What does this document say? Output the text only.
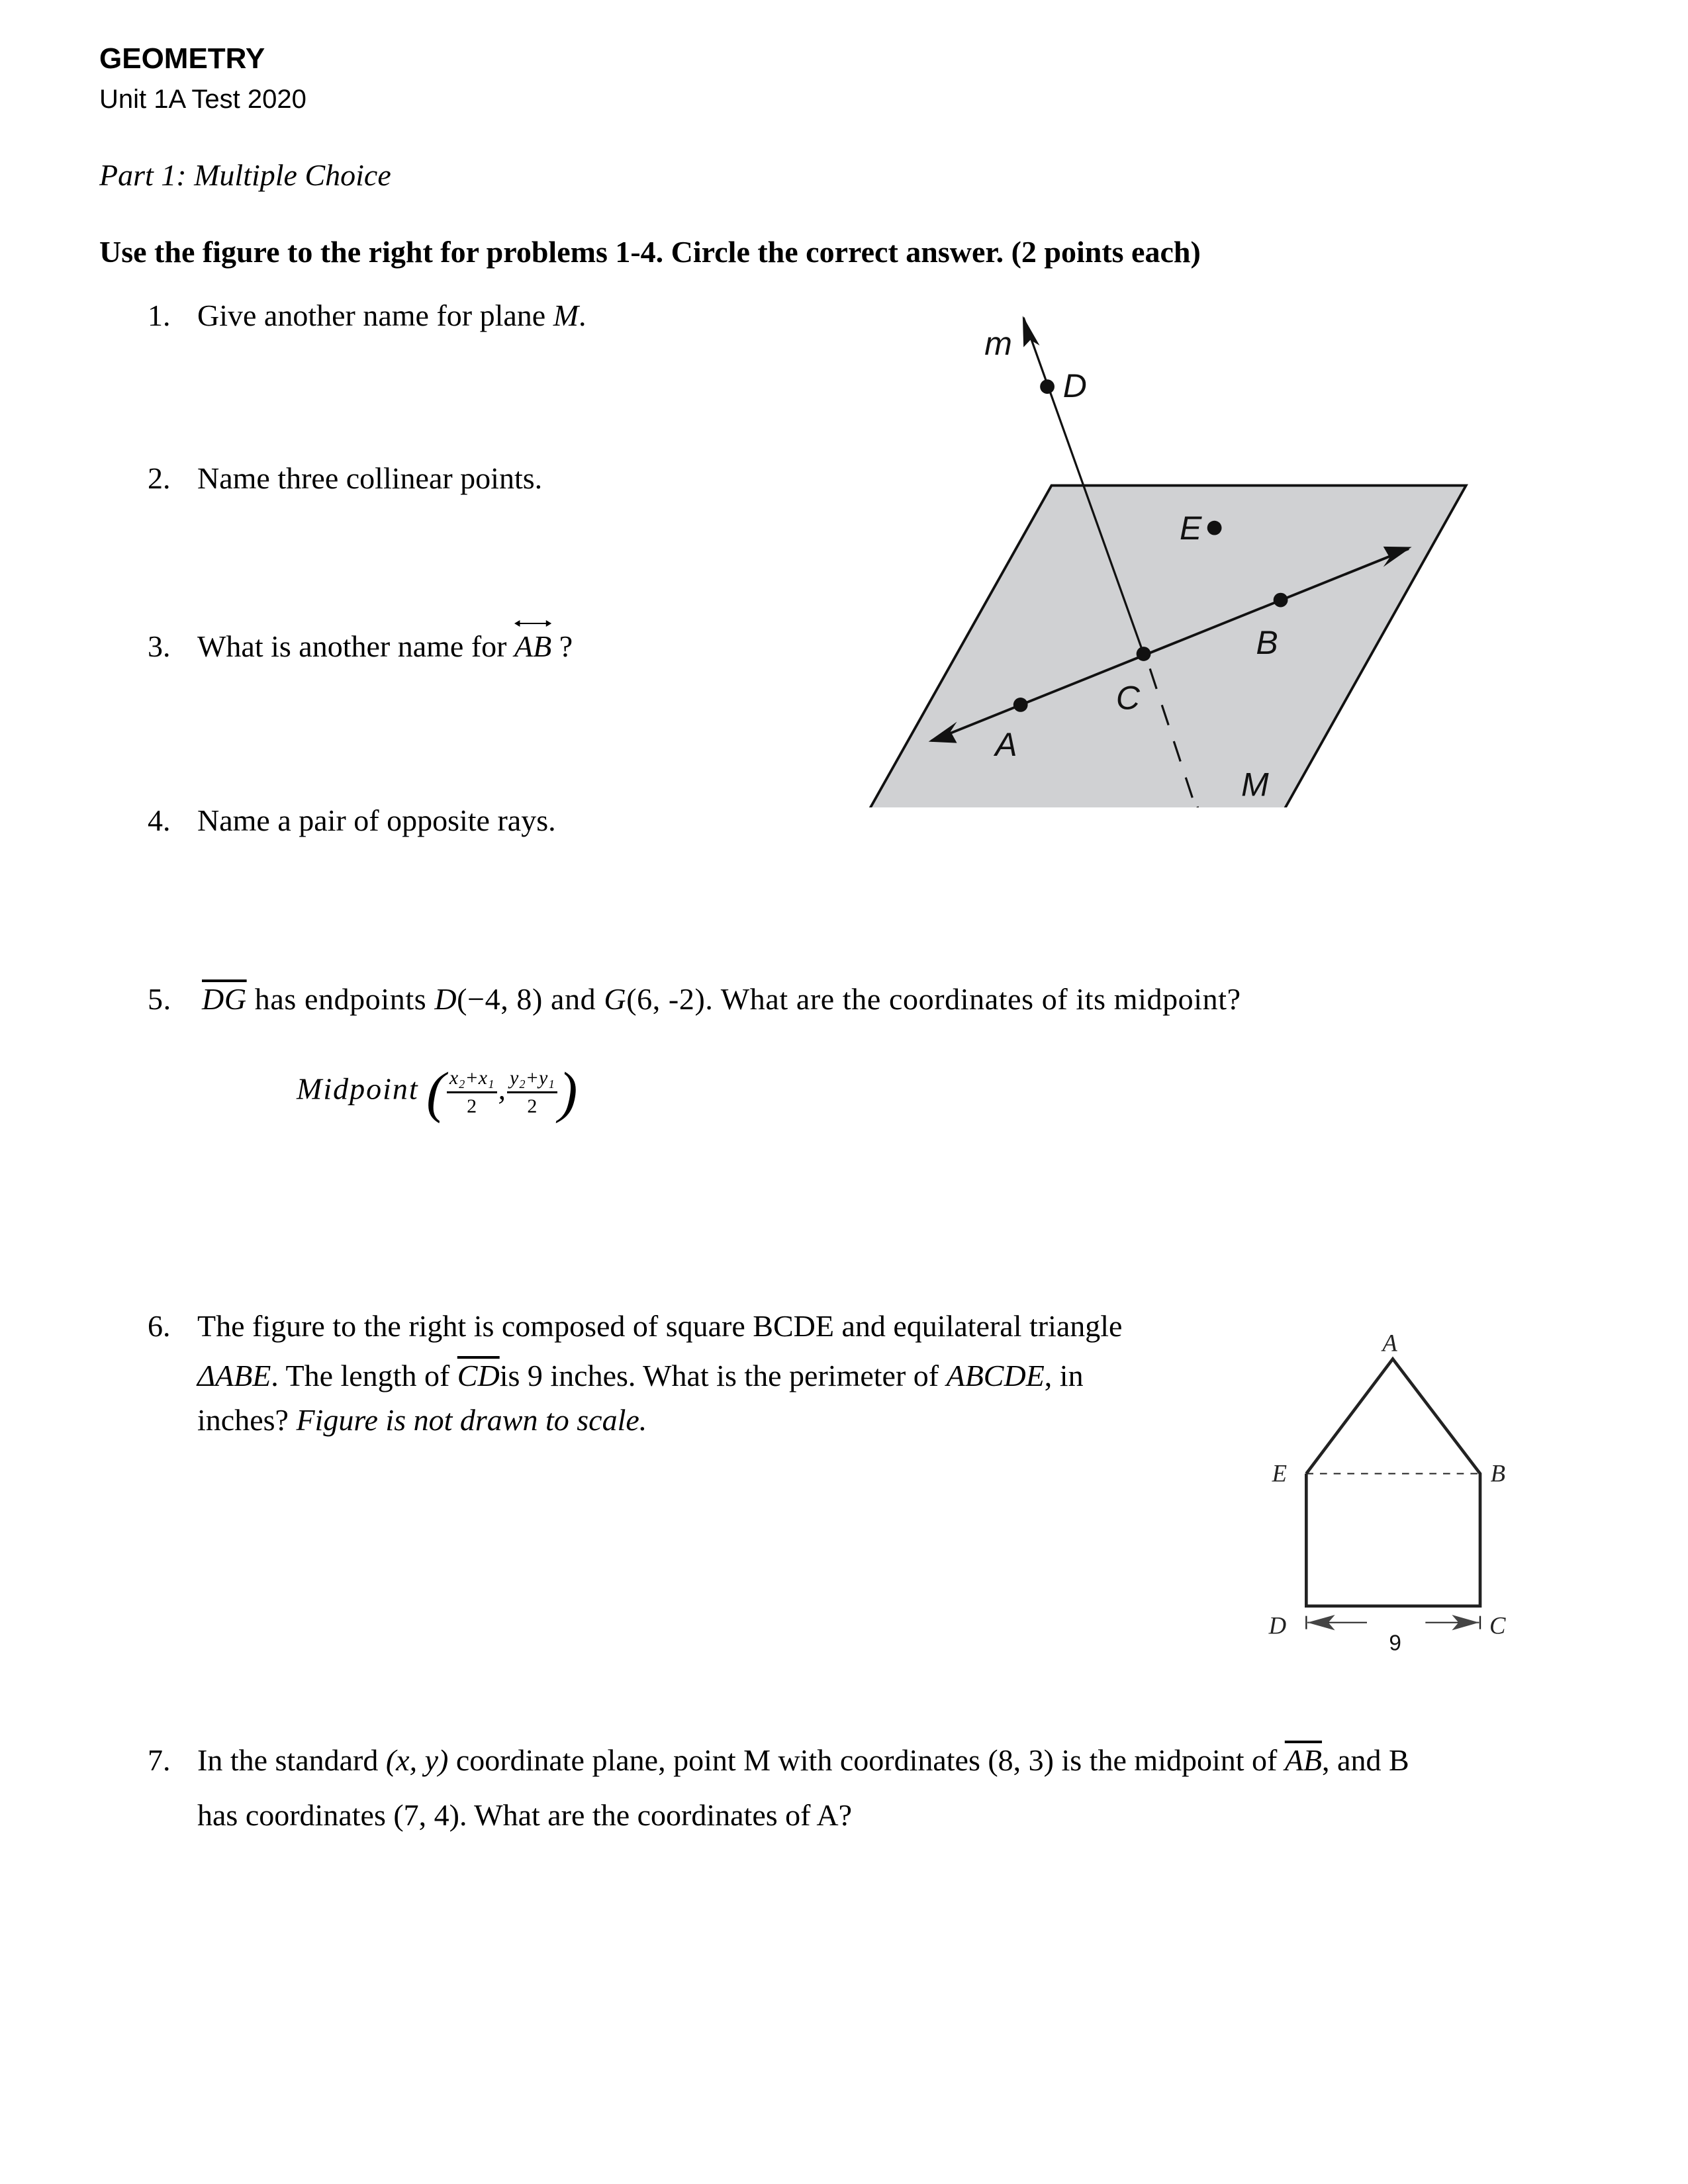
GEOMETRY
Unit 1A Test 2020
Part 1: Multiple Choice
Use the figure to the right for problems 1-4. Circle the correct answer. (2 points each)
1. Give another name for plane M.
2. Name three collinear points.
3. What is another name for
AB ?
4. Name a pair of opposite rays.
5. $\overline{DG}$ has endpoints D(−4, 8) and G(6, -2). What are the coordinates of its midpoint?
Midpoint ( $\frac{\text{x₂+x₁}}{2}$ , $\frac{\text{y₂+y₁}}{2}$ )
6. The figure to the right is composed of square BCDE and equilateral triangle
ΔABE. The length of $\overline{CD}is$ 9 inches. What is the perimeter of ABCDE, in
inches? Figure is not drawn to scale.
7. In the standard (x, y) coordinate plane, point M with coordinates (8, 3) is the midpoint of $\overline{AB}$, and B
has coordinates (7, 4). What are the coordinates of A?
m
D
E
B
C
A
M
A
E	B
D	C
9
